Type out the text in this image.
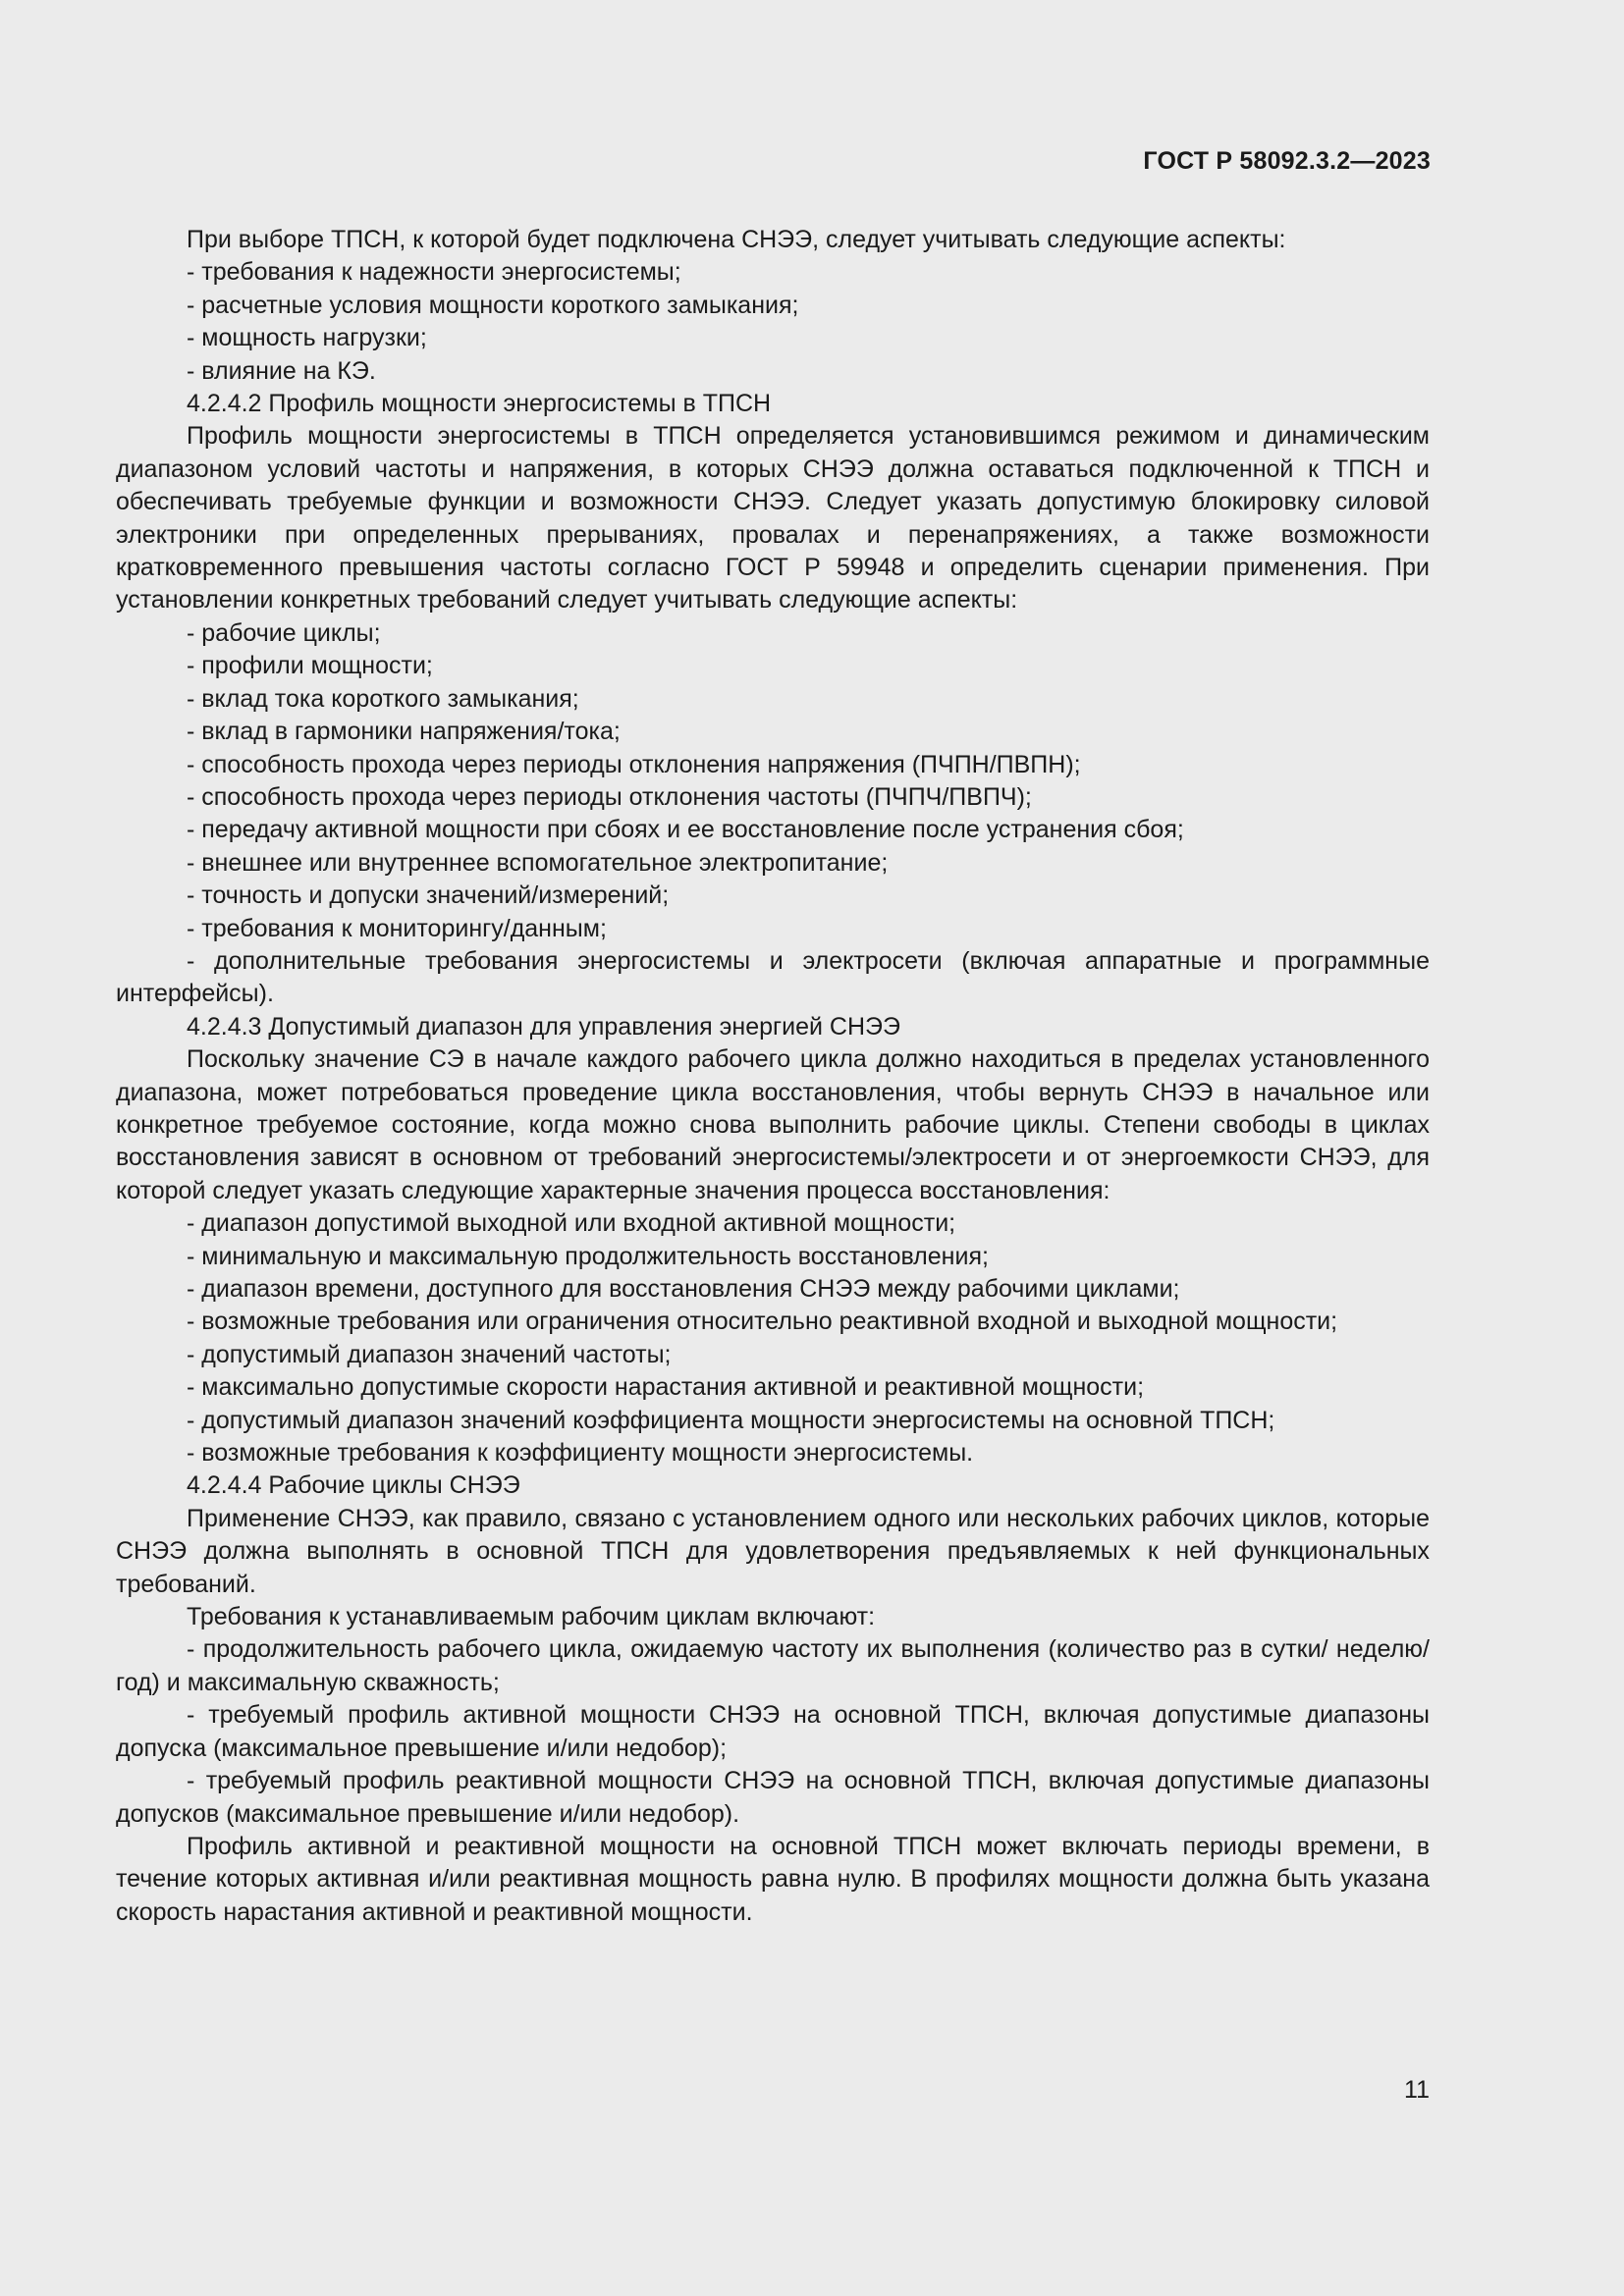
ГОСТ Р 58092.3.2—2023

При выборе ТПСН, к которой будет подключена СНЭЭ, следует учитывать следующие аспекты:

- требования к надежности энергосистемы;

- расчетные условия мощности короткого замыкания;

- мощность нагрузки;

- влияние на КЭ.

4.2.4.2 Профиль мощности энергосистемы в ТПСН

Профиль мощности энергосистемы в ТПСН определяется установившимся режимом и динамическим диапазоном условий частоты и напряжения, в которых СНЭЭ должна оставаться подключенной к ТПСН и обеспечивать требуемые функции и возможности СНЭЭ. Следует указать допустимую блокировку силовой электроники при определенных прерываниях, провалах и перенапряжениях, а также возможности кратковременного превышения частоты согласно ГОСТ Р 59948 и определить сценарии применения. При установлении конкретных требований следует учитывать следующие аспекты:

- рабочие циклы;

- профили мощности;

- вклад тока короткого замыкания;

- вклад в гармоники напряжения/тока;

- способность прохода через периоды отклонения напряжения (ПЧПН/ПВПН);

- способность прохода через периоды отклонения частоты (ПЧПЧ/ПВПЧ);

- передачу активной мощности при сбоях и ее восстановление после устранения сбоя;

- внешнее или внутреннее вспомогательное электропитание;

- точность и допуски значений/измерений;

- требования к мониторингу/данным;

- дополнительные требования энергосистемы и электросети (включая аппаратные и программные интерфейсы).

4.2.4.3 Допустимый диапазон для управления энергией СНЭЭ

Поскольку значение СЭ в начале каждого рабочего цикла должно находиться в пределах установленного диапазона, может потребоваться проведение цикла восстановления, чтобы вернуть СНЭЭ в начальное или конкретное требуемое состояние, когда можно снова выполнить рабочие циклы. Степени свободы в циклах восстановления зависят в основном от требований энергосистемы/электросети и от энергоемкости СНЭЭ, для которой следует указать следующие характерные значения процесса восстановления:

- диапазон допустимой выходной или входной активной мощности;

- минимальную и максимальную продолжительность восстановления;

- диапазон времени, доступного для восстановления СНЭЭ между рабочими циклами;

- возможные требования или ограничения относительно реактивной входной и выходной мощности;

- допустимый диапазон значений частоты;

- максимально допустимые скорости нарастания активной и реактивной мощности;

- допустимый диапазон значений коэффициента мощности энергосистемы на основной ТПСН;

- возможные требования к коэффициенту мощности энергосистемы.

4.2.4.4 Рабочие циклы СНЭЭ

Применение СНЭЭ, как правило, связано с установлением одного или нескольких рабочих циклов, которые СНЭЭ должна выполнять в основной ТПСН для удовлетворения предъявляемых к ней функциональных требований.

Требования к устанавливаемым рабочим циклам включают:

- продолжительность рабочего цикла, ожидаемую частоту их выполнения (количество раз в сутки/ неделю/год) и максимальную скважность;

- требуемый профиль активной мощности СНЭЭ на основной ТПСН, включая допустимые диапазоны допуска (максимальное превышение и/или недобор);

- требуемый профиль реактивной мощности СНЭЭ на основной ТПСН, включая допустимые диапазоны допусков (максимальное превышение и/или недобор).

Профиль активной и реактивной мощности на основной ТПСН может включать периоды времени, в течение которых активная и/или реактивная мощность равна нулю. В профилях мощности должна быть указана скорость нарастания активной и реактивной мощности.

11
